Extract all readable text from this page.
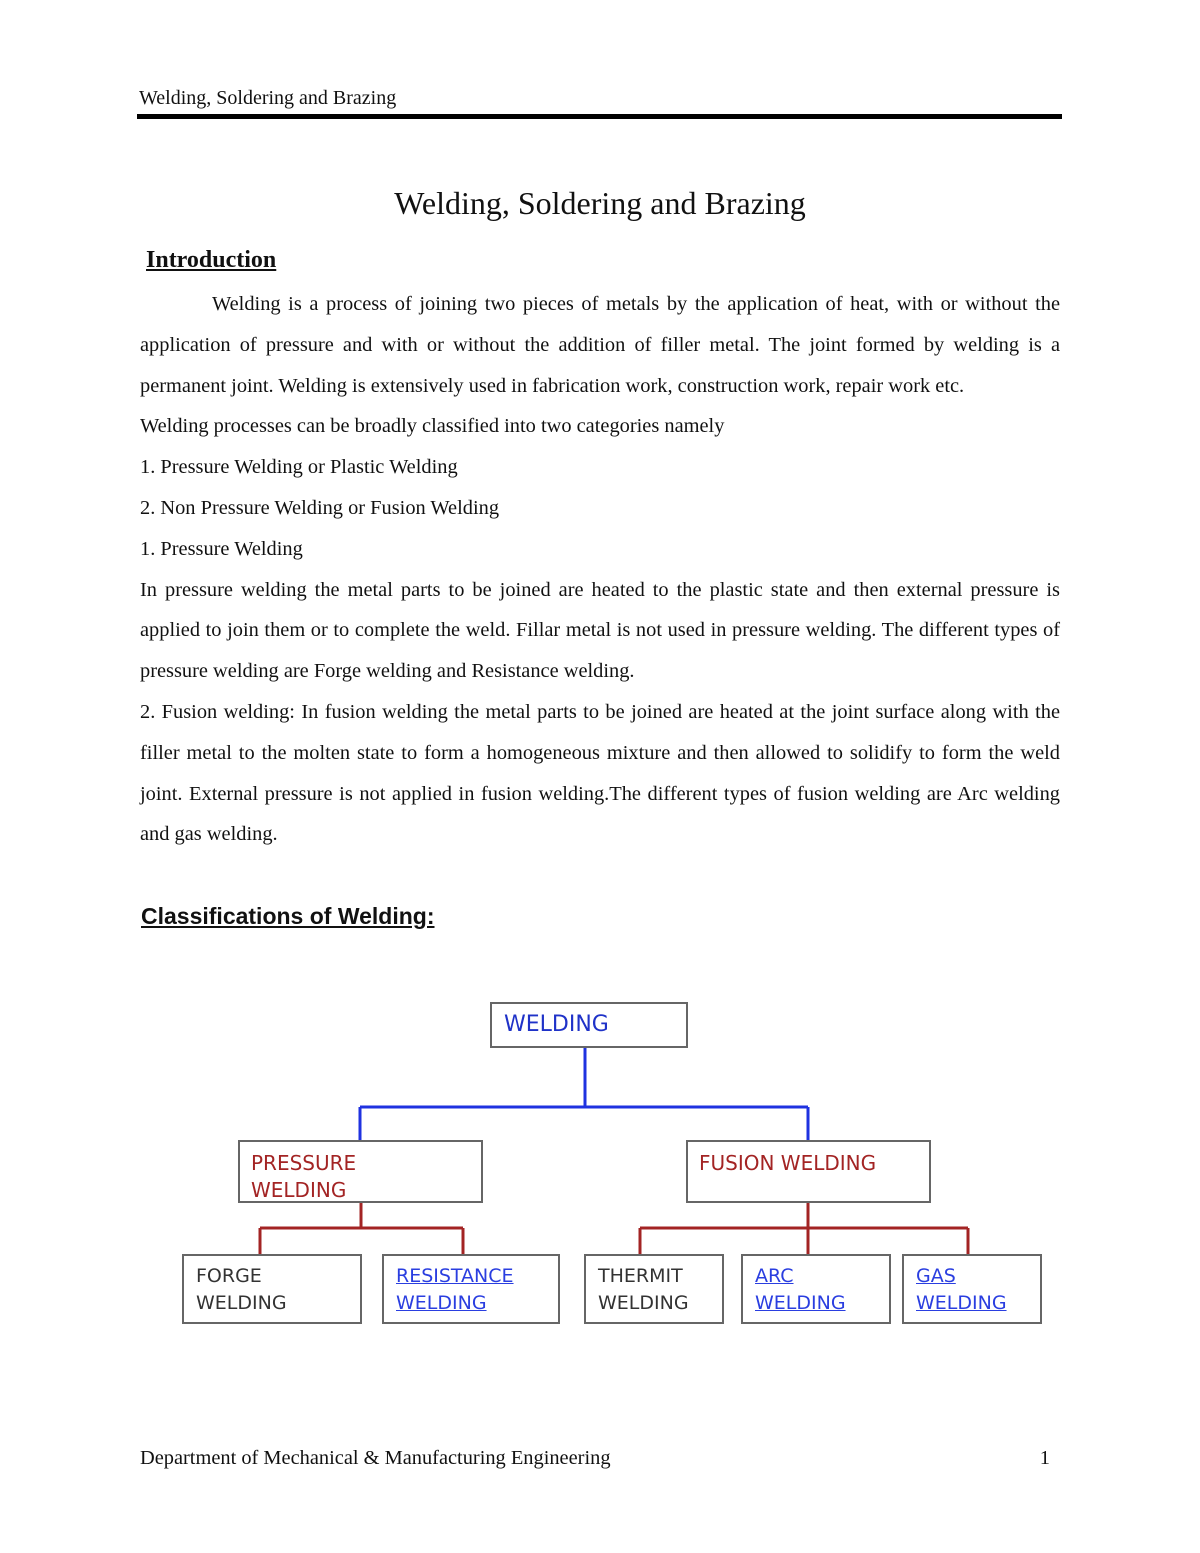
Welding, Soldering and Brazing
Welding, Soldering and Brazing
Introduction

Welding is a process of joining two pieces of metals by the application of heat, with or without the application of pressure and with or without the addition of filler metal. The joint formed by welding is a permanent joint. Welding is extensively used in fabrication work, construction work, repair work etc.

Welding processes can be broadly classified into two categories namely

1. Pressure Welding or Plastic Welding

2. Non Pressure Welding or Fusion Welding

1. Pressure Welding

In pressure welding the metal parts to be joined are heated to the plastic state and then external pressure is applied to join them or to complete the weld. Fillar metal is not used in pressure welding. The different types of pressure welding are Forge welding and Resistance welding.

2. Fusion welding: In fusion welding the metal parts to be joined are heated at the joint surface along with the filler metal to the molten state to form a homogeneous mixture and then allowed to solidify to form the weld joint. External pressure is not applied in fusion welding.The different types of fusion welding are Arc welding and gas welding.

Classifications of Welding:
WELDING
PRESSURE
WELDING
FUSION WELDING
FORGE
WELDING
RESISTANCE
WELDING
THERMIT
WELDING
ARC
WELDING
GAS
WELDING
Department of Mechanical & Manufacturing Engineering	1
